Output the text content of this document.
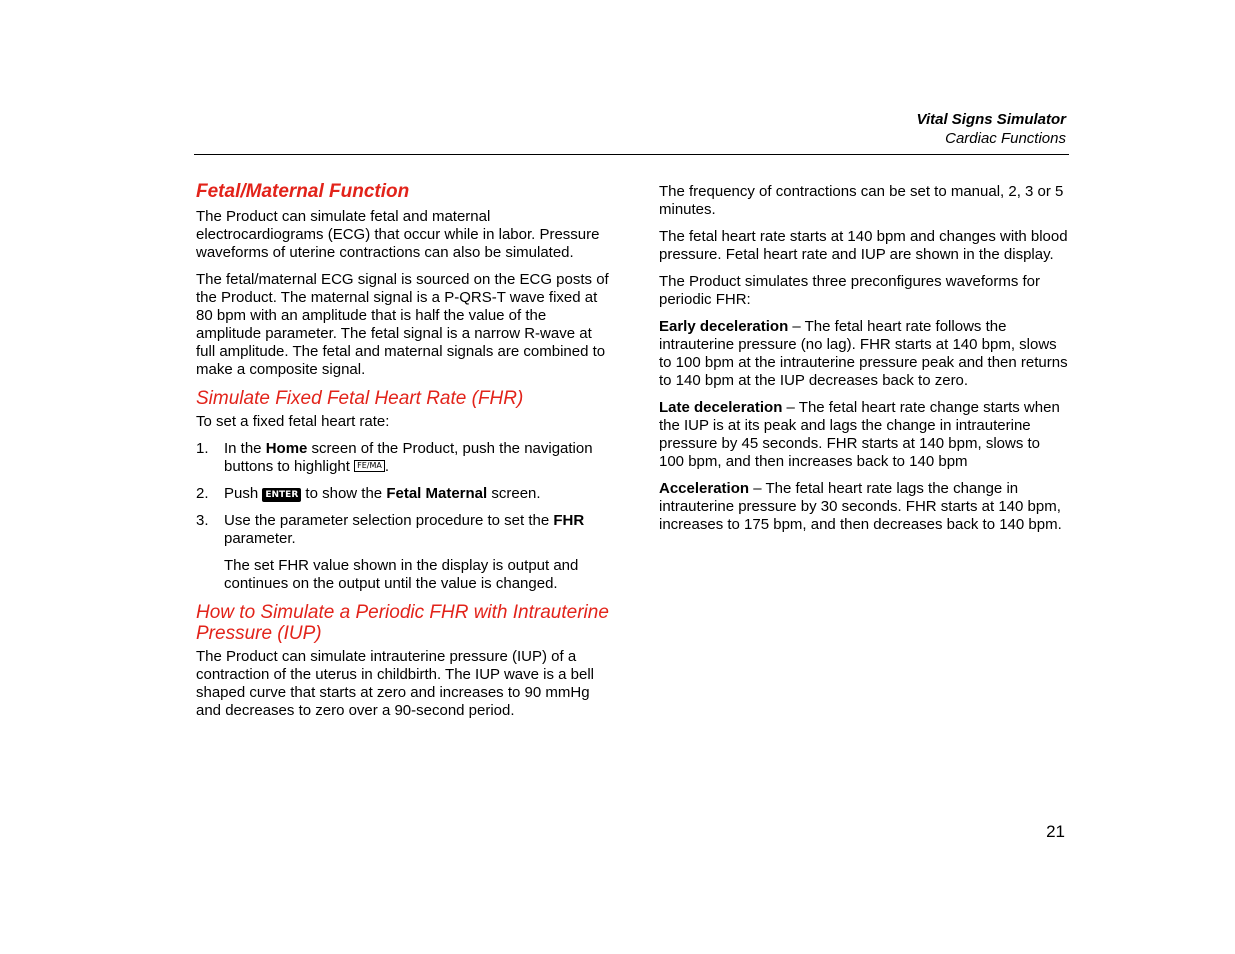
Vital Signs Simulator
Cardiac Functions
Fetal/Maternal Function

The Product can simulate fetal and maternal electrocardiograms (ECG) that occur while in labor. Pressure waveforms of uterine contractions can also be simulated.

The fetal/maternal ECG signal is sourced on the ECG posts of the Product. The maternal signal is a P-QRS-T wave fixed at 80 bpm with an amplitude that is half the value of the amplitude parameter. The fetal signal is a narrow R-wave at full amplitude. The fetal and maternal signals are combined to make a composite signal.

Simulate Fixed Fetal Heart Rate (FHR)

To set a fixed fetal heart rate:

1. In the Home screen of the Product, push the navigation buttons to highlight FE/MA .
2. Push ENTER to show the Fetal Maternal screen.
3. Use the parameter selection procedure to set the FHR parameter.

The set FHR value shown in the display is output and continues on the output until the value is changed.

How to Simulate a Periodic FHR with Intrauterine Pressure (IUP)

The Product can simulate intrauterine pressure (IUP) of a contraction of the uterus in childbirth. The IUP wave is a bell shaped curve that starts at zero and increases to 90 mmHg and decreases to zero over a 90-second period.

The frequency of contractions can be set to manual, 2, 3 or 5 minutes.

The fetal heart rate starts at 140 bpm and changes with blood pressure. Fetal heart rate and IUP are shown in the display.

The Product simulates three preconfigures waveforms for periodic FHR:

Early deceleration – The fetal heart rate follows the intrauterine pressure (no lag). FHR starts at 140 bpm, slows to 100 bpm at the intrauterine pressure peak and then returns to 140 bpm at the IUP decreases back to zero.

Late deceleration – The fetal heart rate change starts when the IUP is at its peak and lags the change in intrauterine pressure by 45 seconds. FHR starts at 140 bpm, slows to 100 bpm, and then increases back to 140 bpm

Acceleration – The fetal heart rate lags the change in intrauterine pressure by 30 seconds. FHR starts at 140 bpm, increases to 175 bpm, and then decreases back to 140 bpm.

21
